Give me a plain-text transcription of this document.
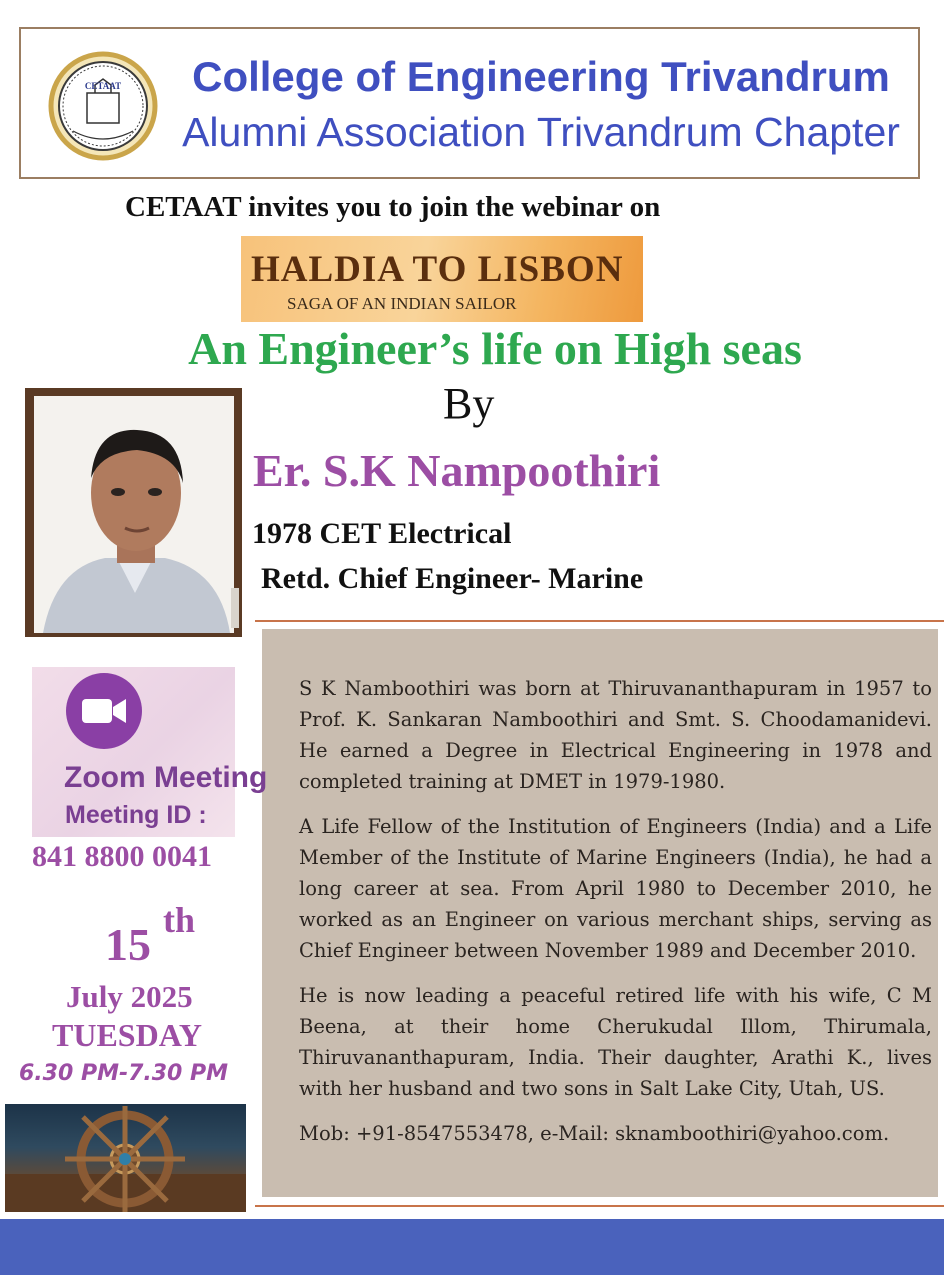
CETAAT	College of Engineering Trivandrum
Alumni Association Trivandrum Chapter
CETAAT invites you to join the webinar on
HALDIA TO LISBON
SAGA OF AN INDIAN SAILOR
An Engineer’s life on High seas
By
Er. S.K Nampoothiri
1978 CET Electrical
Retd. Chief Engineer- Marine

S K Namboothiri was born at Thiruvananthapuram in 1957 to Prof. K. Sankaran Namboothiri and Smt. S. Choodamanidevi. He earned a Degree in Electrical Engineering in 1978 and completed training at DMET in 1979-1980.

A Life Fellow of the Institution of Engineers (India) and a Life Member of the Institute of Marine Engineers (India), he had a long career at sea. From April 1980 to December 2010, he worked as an Engineer on various merchant ships, serving as Chief Engineer between November 1989 and December 2010.

He is now leading a peaceful retired life with his wife, C M Beena, at their home Cherukudal Illom, Thirumala, Thiruvananthapuram, India. Their daughter, Arathi K., lives with her husband and two sons in Salt Lake City, Utah, US.

Mob: +91-8547553478, e-Mail: sknamboothiri@yahoo.com.

Zoom Meeting
Meeting ID :
841 8800 0041
15 th
July 2025
TUESDAY
6.30 PM-7.30 PM
